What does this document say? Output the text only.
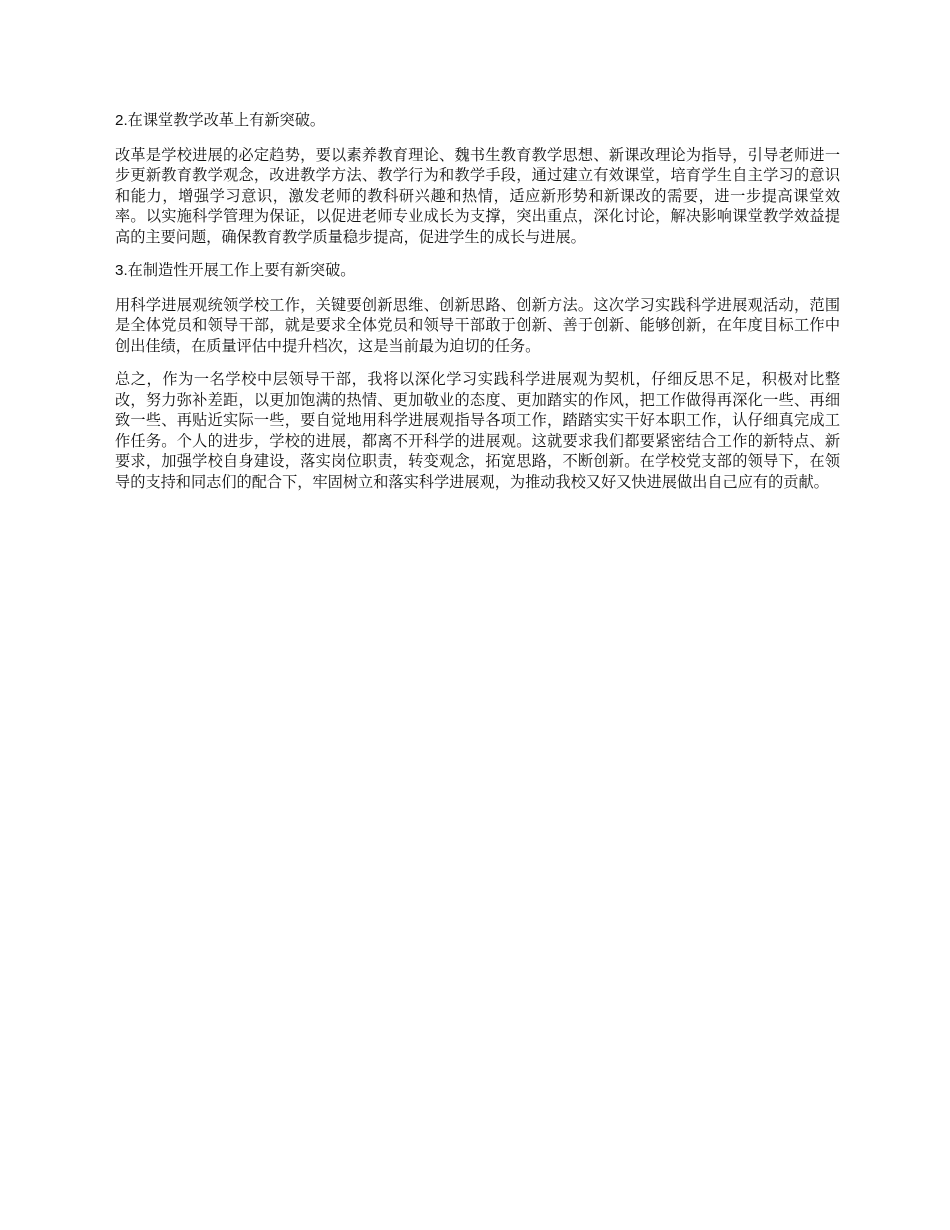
2.在课堂教学改革上有新突破。

改革是学校进展的必定趋势，要以素养教育理论、魏书生教育教学思想、新课改理论为指导，引导老师进一步更新教育教学观念，改进教学方法、教学行为和教学手段，通过建立有效课堂，培育学生自主学习的意识和能力，增强学习意识，激发老师的教科研兴趣和热情，适应新形势和新课改的需要，进一步提高课堂效率。以实施科学管理为保证，以促进老师专业成长为支撑，突出重点，深化讨论，解决影响课堂教学效益提高的主要问题，确保教育教学质量稳步提高，促进学生的成长与进展。

3.在制造性开展工作上要有新突破。

用科学进展观统领学校工作，关键要创新思维、创新思路、创新方法。这次学习实践科学进展观活动，范围是全体党员和领导干部，就是要求全体党员和领导干部敢于创新、善于创新、能够创新，在年度目标工作中创出佳绩，在质量评估中提升档次，这是当前最为迫切的任务。

总之，作为一名学校中层领导干部，我将以深化学习实践科学进展观为契机，仔细反思不足，积极对比整改，努力弥补差距，以更加饱满的热情、更加敬业的态度、更加踏实的作风，把工作做得再深化一些、再细致一些、再贴近实际一些，要自觉地用科学进展观指导各项工作，踏踏实实干好本职工作，认仔细真完成工作任务。个人的进步，学校的进展，都离不开科学的进展观。这就要求我们都要紧密结合工作的新特点、新要求，加强学校自身建设，落实岗位职责，转变观念，拓宽思路，不断创新。在学校党支部的领导下，在领导的支持和同志们的配合下，牢固树立和落实科学进展观，为推动我校又好又快进展做出自己应有的贡献。
